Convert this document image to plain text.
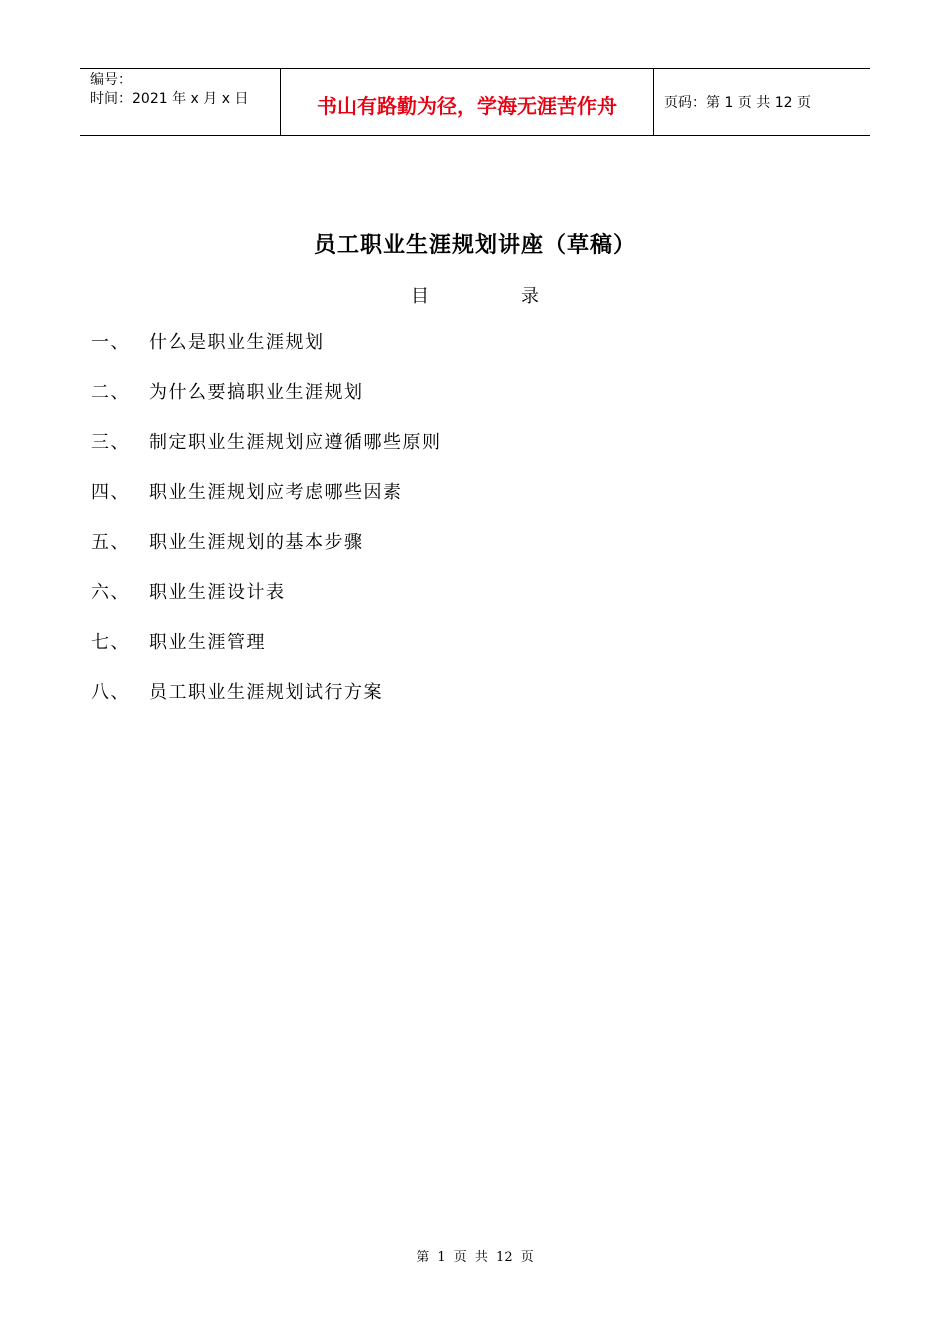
编号：
时间：2021 年 x 月 x 日	书山有路勤为径，学海无涯苦作舟	页码：第 1 页 共 12 页
员工职业生涯规划讲座（草稿）
目	录
一、	什么是职业生涯规划
二、	为什么要搞职业生涯规划
三、	制定职业生涯规划应遵循哪些原则
四、	职业生涯规划应考虑哪些因素
五、	职业生涯规划的基本步骤
六、	职业生涯设计表
七、	职业生涯管理
八、	员工职业生涯规划试行方案
第 1 页 共 12 页
